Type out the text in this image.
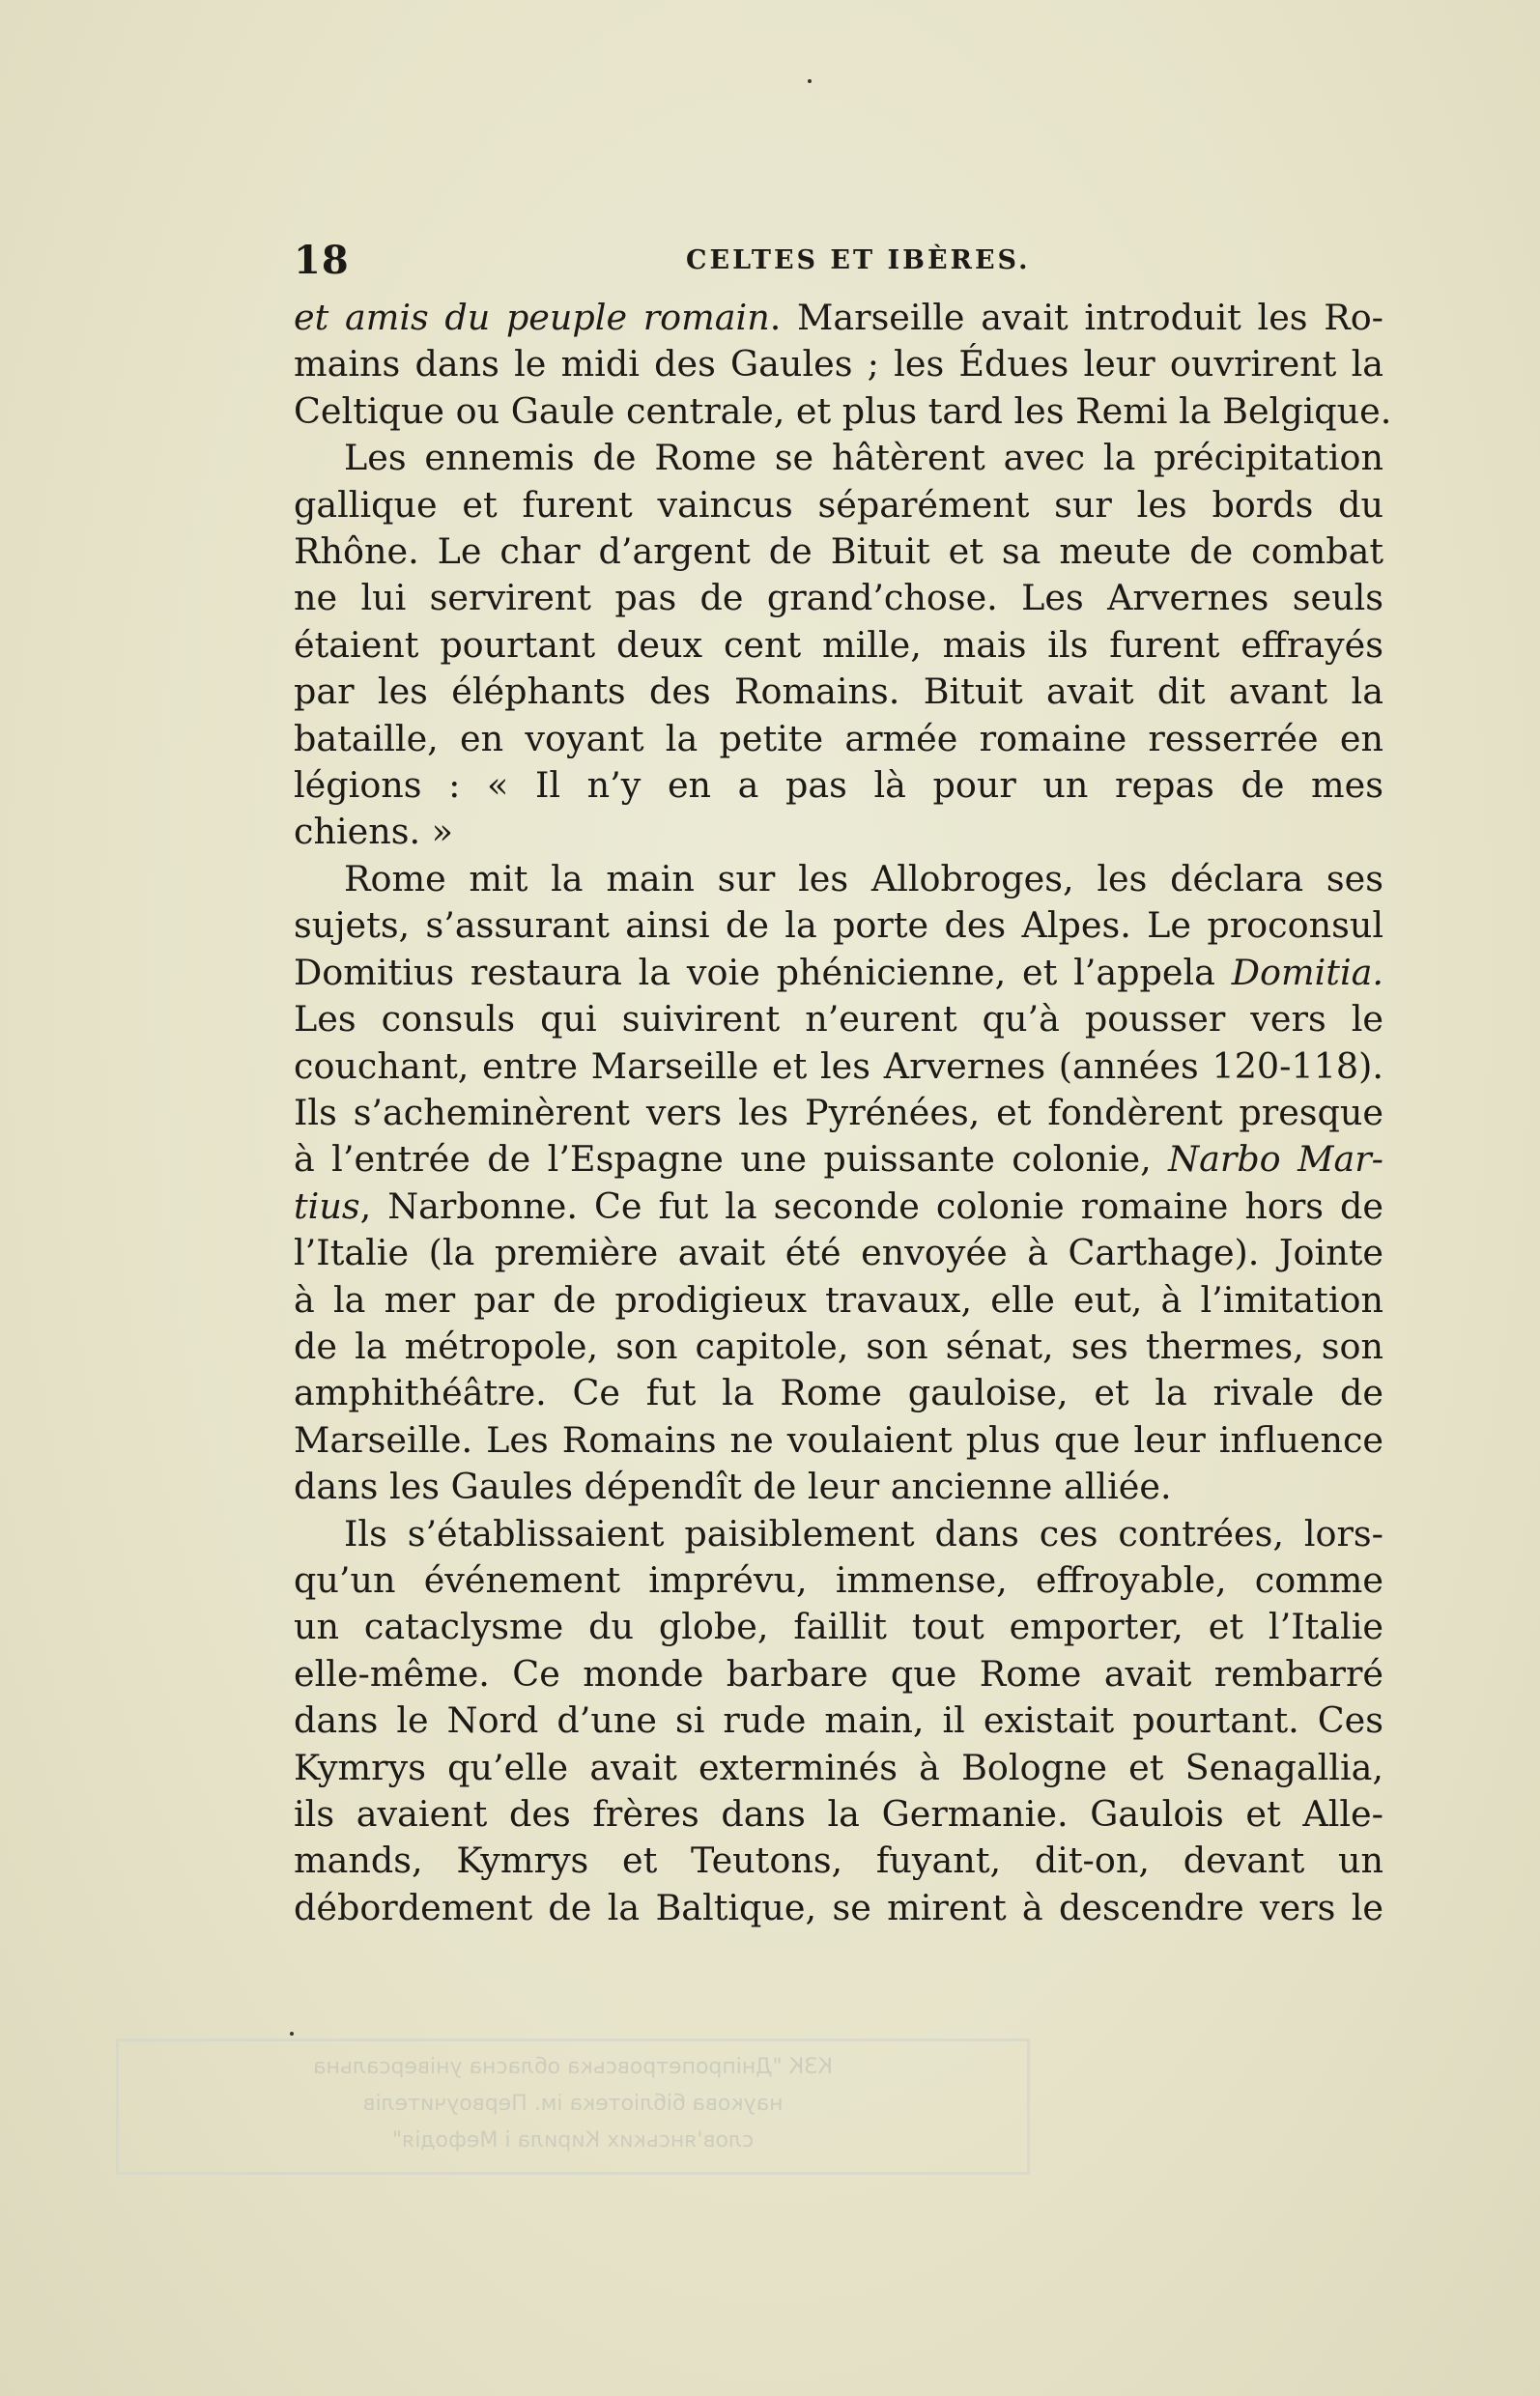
18	CELTES ET IBÈRES.
et amis du peuple romain. Marseille avait introduit les Ro-
mains dans le midi des Gaules ; les Édues leur ouvrirent la
Celtique ou Gaule centrale, et plus tard les Remi la Belgique.
Les ennemis de Rome se hâtèrent avec la précipitation
gallique et furent vaincus séparément sur les bords du
Rhône. Le char d’argent de Bituit et sa meute de combat
ne lui servirent pas de grand’chose. Les Arvernes seuls
étaient pourtant deux cent mille, mais ils furent effrayés
par les éléphants des Romains. Bituit avait dit avant la
bataille, en voyant la petite armée romaine resserrée en
légions : « Il n’y en a pas là pour un repas de mes
chiens. »
Rome mit la main sur les Allobroges, les déclara ses
sujets, s’assurant ainsi de la porte des Alpes. Le proconsul
Domitius restaura la voie phénicienne, et l’appela Domitia.
Les consuls qui suivirent n’eurent qu’à pousser vers le
couchant, entre Marseille et les Arvernes (années 120-118).
Ils s’acheminèrent vers les Pyrénées, et fondèrent presque
à l’entrée de l’Espagne une puissante colonie, Narbo Mar-
tius, Narbonne. Ce fut la seconde colonie romaine hors de
l’Italie (la première avait été envoyée à Carthage). Jointe
à la mer par de prodigieux travaux, elle eut, à l’imitation
de la métropole, son capitole, son sénat, ses thermes, son
amphithéâtre. Ce fut la Rome gauloise, et la rivale de
Marseille. Les Romains ne voulaient plus que leur influence
dans les Gaules dépendît de leur ancienne alliée.
Ils s’établissaient paisiblement dans ces contrées, lors-
qu’un événement imprévu, immense, effroyable, comme
un cataclysme du globe, faillit tout emporter, et l’Italie
elle-même. Ce monde barbare que Rome avait rembarré
dans le Nord d’une si rude main, il existait pourtant. Ces
Kymrys qu’elle avait exterminés à Bologne et Senagallia,
ils avaient des frères dans la Germanie. Gaulois et Alle-
mands, Kymrys et Teutons, fuyant, dit-on, devant un
débordement de la Baltique, se mirent à descendre vers le
КЗК "Дніпропетровська обласна універсальна
наукова бібліотека ім. Первоучителів
слов'янських Кирила і Мефодія"
